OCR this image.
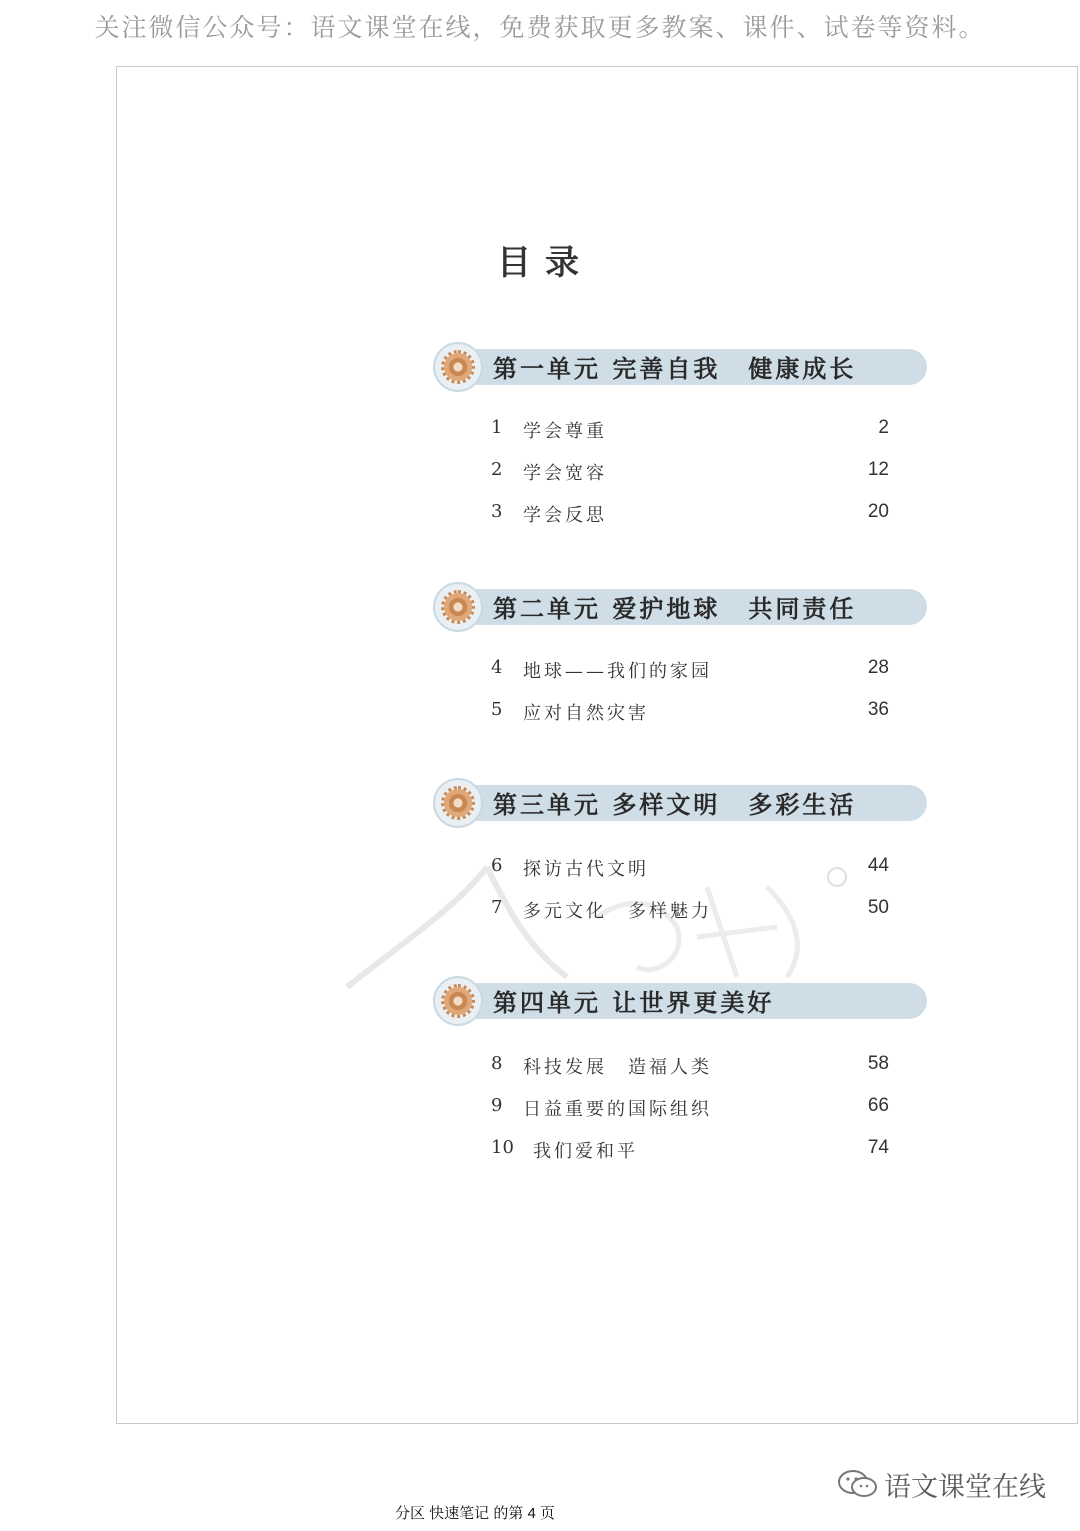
关注微信公众号：语文课堂在线，免费获取更多教案、课件、试卷等资料。
目录
第一单元 完善自我 健康成长
1 学会尊重	2
2 学会宽容	12
3 学会反思	20
第二单元 爱护地球 共同责任
4 地球——我们的家园	28
5 应对自然灾害	36
第三单元 多样文明 多彩生活
6 探访古代文明	44
7 多元文化　多样魅力	50
第四单元 让世界更美好
8 科技发展　造福人类	58
9 日益重要的国际组织	66
10 我们爱和平	74
语文课堂在线
分区 快速笔记 的第 4 页
